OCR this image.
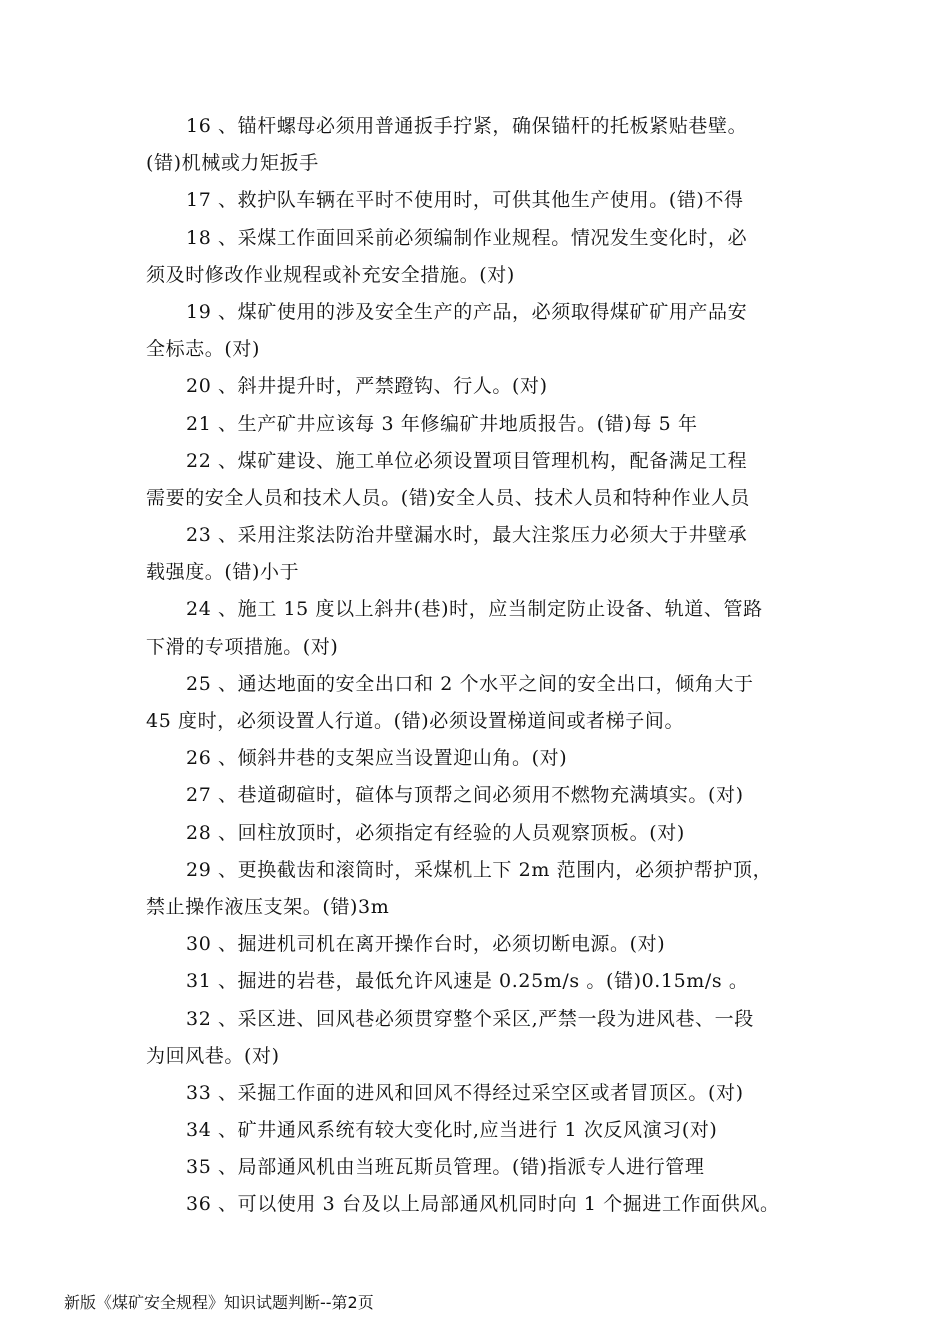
16 、锚杆螺母必须用普通扳手拧紧，确保锚杆的托板紧贴巷壁。
(错)机械或力矩扳手
17 、救护队车辆在平时不使用时，可供其他生产使用。(错)不得
18 、采煤工作面回采前必须编制作业规程。情况发生变化时，必
须及时修改作业规程或补充安全措施。(对)
19 、煤矿使用的涉及安全生产的产品，必须取得煤矿矿用产品安
全标志。(对)
20 、斜井提升时，严禁蹬钩、行人。(对)
21 、生产矿井应该每 3 年修编矿井地质报告。(错)每 5 年
22 、煤矿建设、施工单位必须设置项目管理机构，配备满足工程
需要的安全人员和技术人员。(错)安全人员、技术人员和特种作业人员
23 、采用注浆法防治井壁漏水时，最大注浆压力必须大于井壁承
载强度。(错)小于
24 、施工 15 度以上斜井(巷)时，应当制定防止设备、轨道、管路
下滑的专项措施。(对)
25 、通达地面的安全出口和 2 个水平之间的安全出口，倾角大于
45 度时，必须设置人行道。(错)必须设置梯道间或者梯子间。
26 、倾斜井巷的支架应当设置迎山角。(对)
27 、巷道砌碹时，碹体与顶帮之间必须用不燃物充满填实。(对)
28 、回柱放顶时，必须指定有经验的人员观察顶板。(对)
29 、更换截齿和滚筒时，采煤机上下 2m 范围内，必须护帮护顶，
禁止操作液压支架。(错)3m
30 、掘进机司机在离开操作台时，必须切断电源。(对)
31 、掘进的岩巷，最低允许风速是 0.25m/s 。(错)0.15m/s 。
32 、采区进、回风巷必须贯穿整个采区,严禁一段为进风巷、一段
为回风巷。(对)
33 、采掘工作面的进风和回风不得经过采空区或者冒顶区。(对)
34 、矿井通风系统有较大变化时,应当进行 1 次反风演习(对)
35 、局部通风机由当班瓦斯员管理。(错)指派专人进行管理
36 、可以使用 3 台及以上局部通风机同时向 1 个掘进工作面供风。
新版《煤矿安全规程》知识试题判断--第2页
